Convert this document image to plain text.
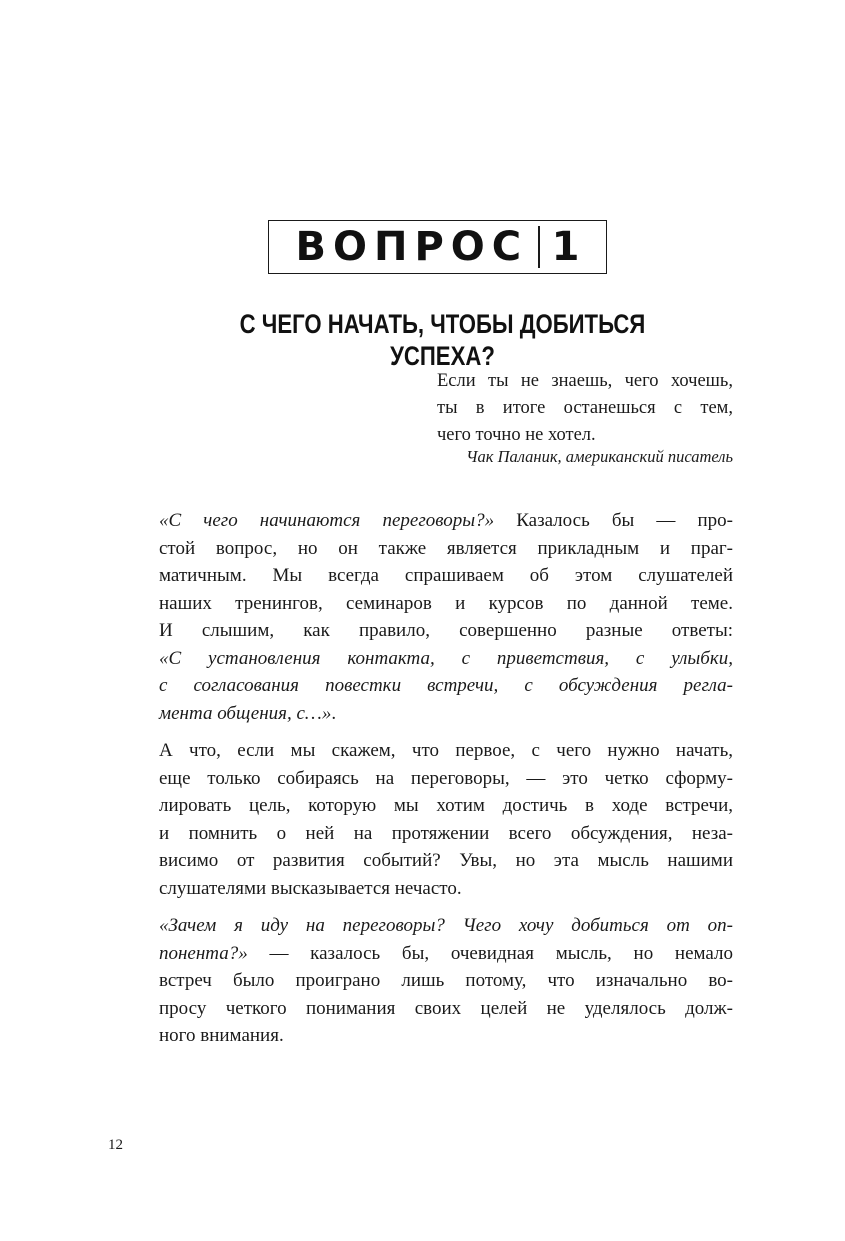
ВОПРОС 1
С ЧЕГО НАЧАТЬ, ЧТОБЫ ДОБИТЬСЯ УСПЕХА?
Если ты не знаешь, чего хочешь,
ты в итоге останешься с тем,
чего точно не хотел.
Чак Паланик, американский писатель
«С чего начинаются переговоры?» Казалось бы — про-
стой вопрос, но он также является прикладным и праг-
матичным. Мы всегда спрашиваем об этом слушателей
наших тренингов, семинаров и курсов по данной теме.
И слышим, как правило, совершенно разные ответы:
«С установления контакта, с приветствия, с улыбки,
с согласования повестки встречи, с обсуждения регла-
мента общения, с…».
А что, если мы скажем, что первое, с чего нужно начать,
еще только собираясь на переговоры, — это четко сформу-
лировать цель, которую мы хотим достичь в ходе встречи,
и помнить о ней на протяжении всего обсуждения, неза-
висимо от развития событий? Увы, но эта мысль нашими
слушателями высказывается нечасто.
«Зачем я иду на переговоры? Чего хочу добиться от оп-
понента?» — казалось бы, очевидная мысль, но немало
встреч было проиграно лишь потому, что изначально во-
просу четкого понимания своих целей не уделялось долж-
ного внимания.
12
